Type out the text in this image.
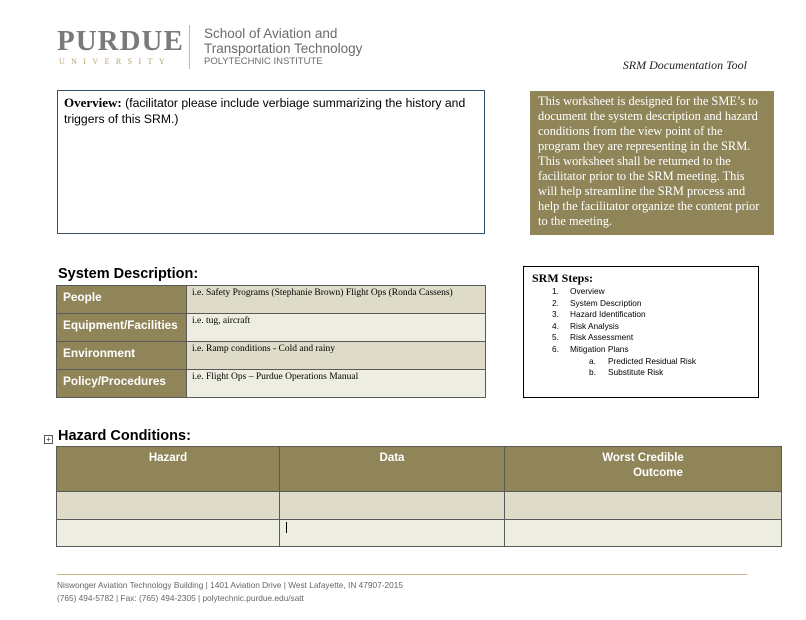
PURDUE
UNIVERSITY
School of Aviation and
Transportation Technology
POLYTECHNIC INSTITUTE	SRM Documentation Tool
Overview: (facilitator please include verbiage summarizing the history and triggers of this SRM.)
This worksheet is designed for the SME’s to document the system description and hazard conditions from the view point of the program they are representing in the SRM. This worksheet shall be returned to the facilitator prior to the SRM meeting. This will help streamline the SRM process and help the facilitator organize the content prior to the meeting.
System Description:
People	i.e. Safety Programs (Stephanie Brown) Flight Ops (Ronda Cassens)
Equipment/Facilities	i.e. tug, aircraft
Environment	i.e. Ramp conditions - Cold and rainy
Policy/Procedures	i.e. Flight Ops – Purdue Operations Manual
SRM Steps:
1. Overview
2. System Description
3. Hazard Identification
4. Risk Analysis
5. Risk Assessment
6. Mitigation Plans
a. Predicted Residual Risk
b. Substitute Risk
+ Hazard Conditions:
Hazard	Data	Worst Credible
Outcome

Niswonger Aviation Technology Building | 1401 Aviation Drive | West Lafayette, IN 47907-2015
(765) 494-5782 | Fax: (765) 494-2305 | polytechnic.purdue.edu/satt
